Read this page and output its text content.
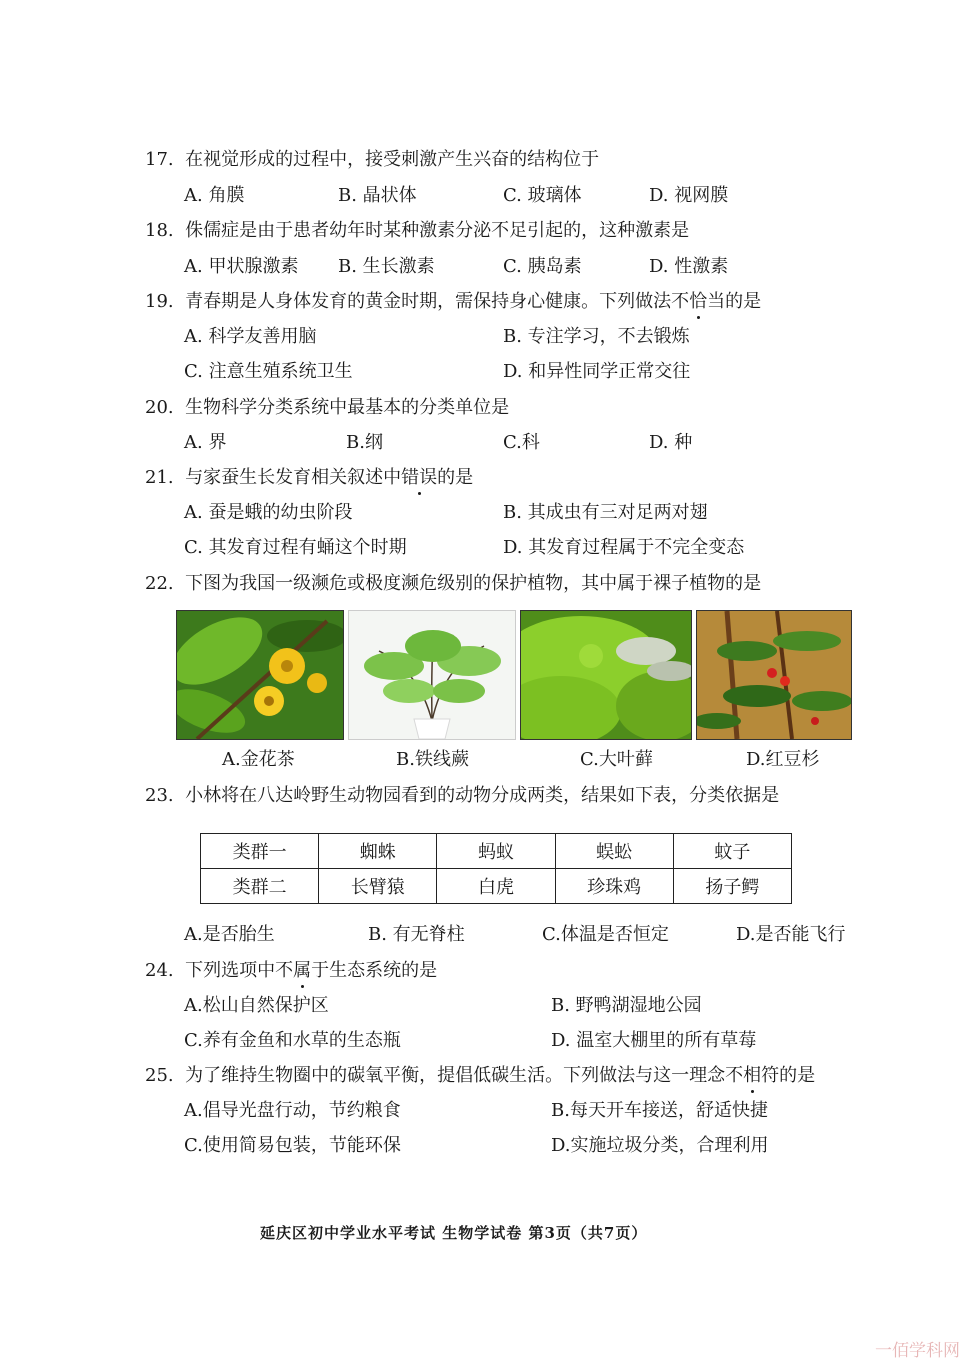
17. 在视觉形成的过程中，接受刺激产生兴奋的结构位于
A. 角膜	B. 晶状体	C. 玻璃体	D. 视网膜
18. 侏儒症是由于患者幼年时某种激素分泌不足引起的，这种激素是
A. 甲状腺激素 B. 生长激素	C. 胰岛素	D. 性激素
19. 青春期是人身体发育的黄金时期，需保持身心健康。下列做法不恰当的是
A. 科学友善用脑	B. 专注学习，不去锻炼
C. 注意生殖系统卫生	D. 和异性同学正常交往
20. 生物科学分类系统中最基本的分类单位是
A. 界	B.纲	C.科	D. 种
21. 与家蚕生长发育相关叙述中错误的是
A. 蚕是蛾的幼虫阶段	B. 其成虫有三对足两对翅
C. 其发育过程有蛹这个时期	D. 其发育过程属于不完全变态
22. 下图为我国一级濒危或极度濒危级别的保护植物，其中属于裸子植物的是
A.金花茶	B.铁线蕨	C.大叶藓	D.红豆杉
23. 小林将在八达岭野生动物园看到的动物分成两类，结果如下表，分类依据是
类群一	蜘蛛	蚂蚁	蜈蚣	蚊子
类群二	长臂猿	白虎	珍珠鸡	扬子鳄
A.是否胎生	B. 有无脊柱	C.体温是否恒定	D.是否能飞行
24. 下列选项中不属于生态系统的是
A.松山自然保护区	B. 野鸭湖湿地公园
C.养有金鱼和水草的生态瓶	D. 温室大棚里的所有草莓
25. 为了维持生物圈中的碳氧平衡，提倡低碳生活。下列做法与这一理念不相符的是
A.倡导光盘行动，节约粮食	B.每天开车接送，舒适快捷
C.使用简易包装，节能环保	D.实施垃圾分类，合理利用
延庆区初中学业水平考试 生物学试卷 第3页（共7页）
一佰学科网
